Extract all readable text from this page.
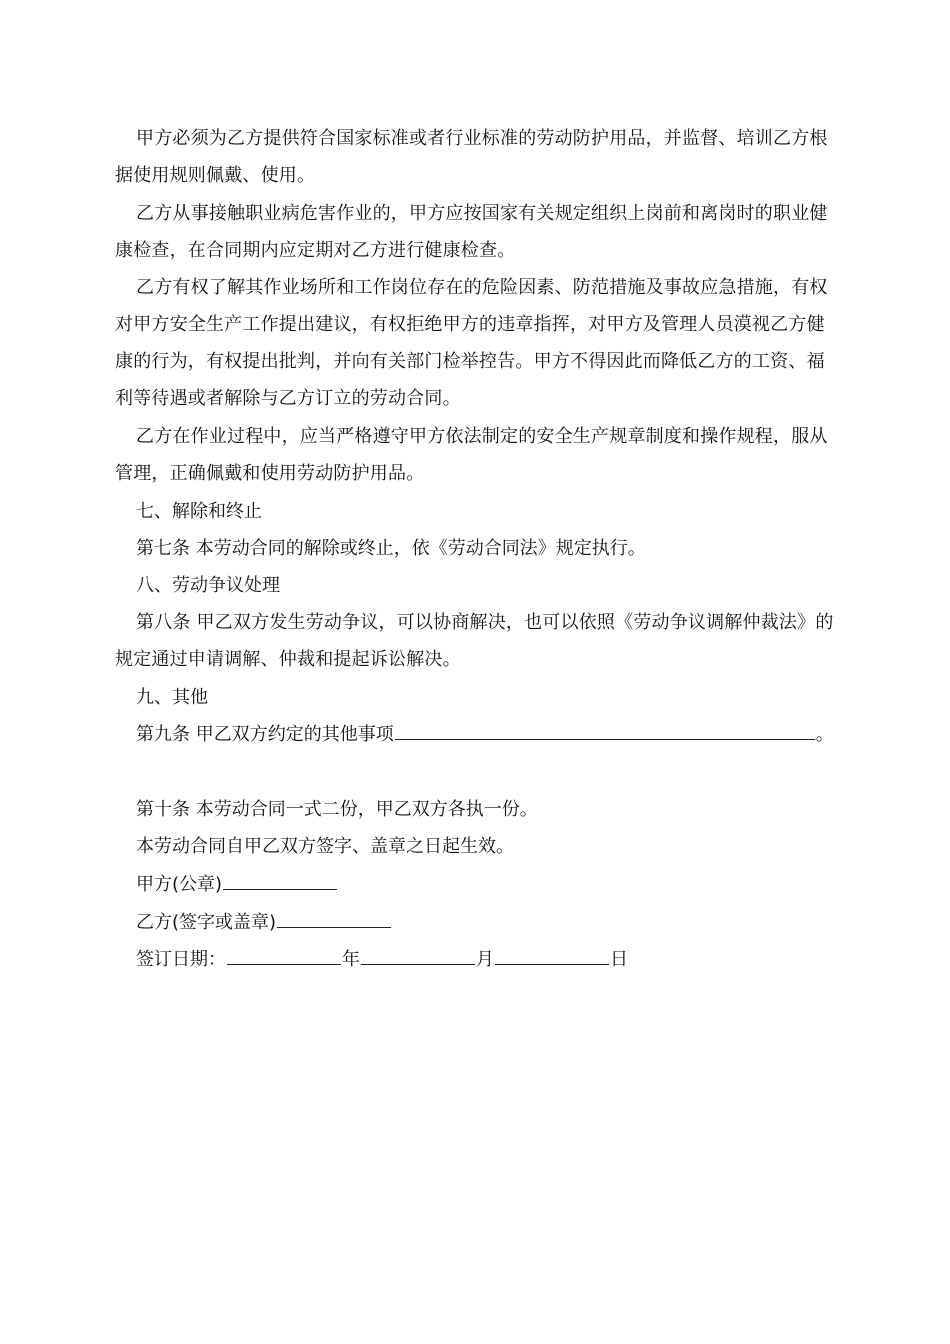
甲方必须为乙方提供符合国家标准或者行业标准的劳动防护用品，并监督、培训乙方根据使用规则佩戴、使用。

乙方从事接触职业病危害作业的，甲方应按国家有关规定组织上岗前和离岗时的职业健康检查，在合同期内应定期对乙方进行健康检查。

乙方有权了解其作业场所和工作岗位存在的危险因素、防范措施及事故应急措施，有权对甲方安全生产工作提出建议，有权拒绝甲方的违章指挥，对甲方及管理人员漠视乙方健康的行为，有权提出批判，并向有关部门检举控告。甲方不得因此而降低乙方的工资、福利等待遇或者解除与乙方订立的劳动合同。

乙方在作业过程中，应当严格遵守甲方依法制定的安全生产规章制度和操作规程，服从管理，正确佩戴和使用劳动防护用品。

七、解除和终止

第七条 本劳动合同的解除或终止，依《劳动合同法》规定执行。

八、劳动争议处理

第八条 甲乙双方发生劳动争议，可以协商解决，也可以依照《劳动争议调解仲裁法》的规定通过申请调解、仲裁和提起诉讼解决。

九、其他

第九条 甲乙双方约定的其他事项	。

第十条 本劳动合同一式二份，甲乙双方各执一份。

本劳动合同自甲乙双方签字、盖章之日起生效。

甲方(公章)

乙方(签字或盖章)

签订日期：	年	月	日
